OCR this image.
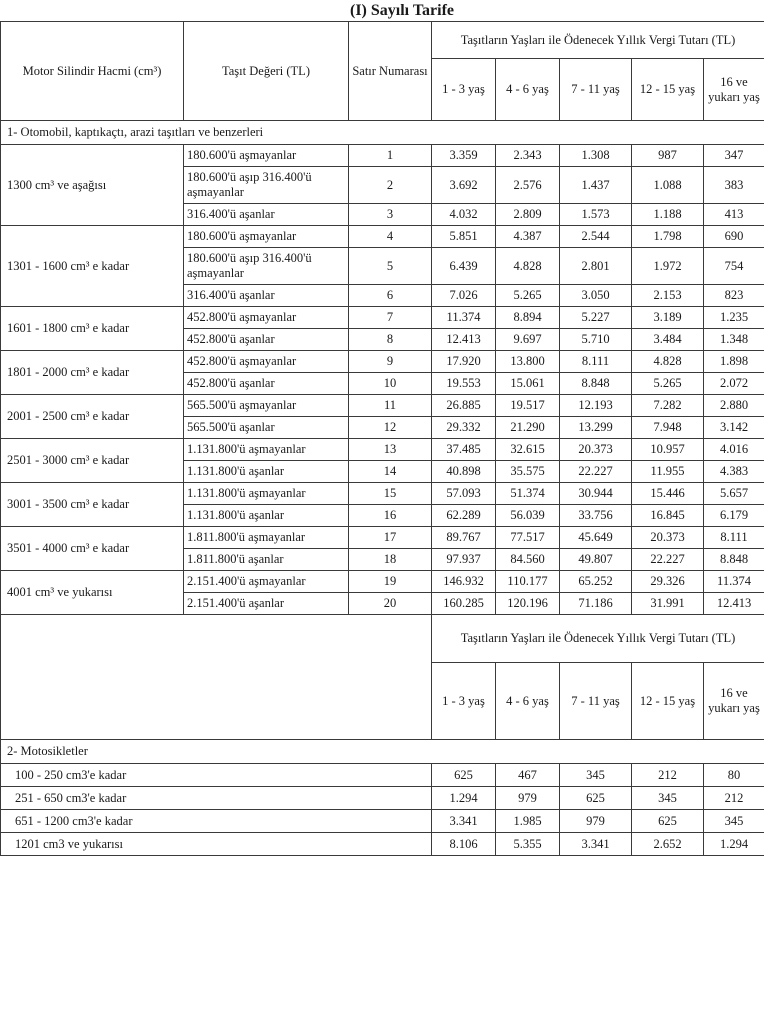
(I) Sayılı Tarife
Motor Silindir Hacmi (cm³)	Taşıt Değeri (TL)	Satır Numarası	Taşıtların Yaşları ile Ödenecek Yıllık Vergi Tutarı (TL)				
			1 - 3 yaş	4 - 6 yaş	7 - 11 yaş	12 - 15 yaş	16 ve yukarı yaş
1- Otomobil, kaptıkaçtı, arazi taşıtları ve benzerleri							
1300 cm³ ve aşağısı	180.600'ü aşmayanlar	1	3.359	2.343	1.308	987	347
	180.600'ü aşıp 316.400'ü aşmayanlar	2	3.692	2.576	1.437	1.088	383
	316.400'ü aşanlar	3	4.032	2.809	1.573	1.188	413
1301 - 1600 cm³ e kadar	180.600'ü aşmayanlar	4	5.851	4.387	2.544	1.798	690
	180.600'ü aşıp 316.400'ü aşmayanlar	5	6.439	4.828	2.801	1.972	754
	316.400'ü aşanlar	6	7.026	5.265	3.050	2.153	823
1601 - 1800 cm³ e kadar	452.800'ü aşmayanlar	7	11.374	8.894	5.227	3.189	1.235
	452.800'ü aşanlar	8	12.413	9.697	5.710	3.484	1.348
1801 - 2000 cm³ e kadar	452.800'ü aşmayanlar	9	17.920	13.800	8.111	4.828	1.898
	452.800'ü aşanlar	10	19.553	15.061	8.848	5.265	2.072
2001 - 2500 cm³ e kadar	565.500'ü aşmayanlar	11	26.885	19.517	12.193	7.282	2.880
	565.500'ü aşanlar	12	29.332	21.290	13.299	7.948	3.142
2501 - 3000 cm³ e kadar	1.131.800'ü aşmayanlar	13	37.485	32.615	20.373	10.957	4.016
	1.131.800'ü aşanlar	14	40.898	35.575	22.227	11.955	4.383
3001 - 3500 cm³ e kadar	1.131.800'ü aşmayanlar	15	57.093	51.374	30.944	15.446	5.657
	1.131.800'ü aşanlar	16	62.289	56.039	33.756	16.845	6.179
3501 - 4000 cm³ e kadar	1.811.800'ü aşmayanlar	17	89.767	77.517	45.649	20.373	8.111
	1.811.800'ü aşanlar	18	97.937	84.560	49.807	22.227	8.848
4001 cm³ ve yukarısı	2.151.400'ü aşmayanlar	19	146.932	110.177	65.252	29.326	11.374
	2.151.400'ü aşanlar	20	160.285	120.196	71.186	31.991	12.413
			Taşıtların Yaşları ile Ödenecek Yıllık Vergi Tutarı (TL)				
			1 - 3 yaş	4 - 6 yaş	7 - 11 yaş	12 - 15 yaş	16 ve yukarı yaş
2- Motosikletler							
100 - 250 cm3'e kadar			625	467	345	212	80
251 - 650 cm3'e kadar			1.294	979	625	345	212
651 - 1200 cm3'e kadar			3.341	1.985	979	625	345
1201 cm3 ve yukarısı			8.106	5.355	3.341	2.652	1.294
